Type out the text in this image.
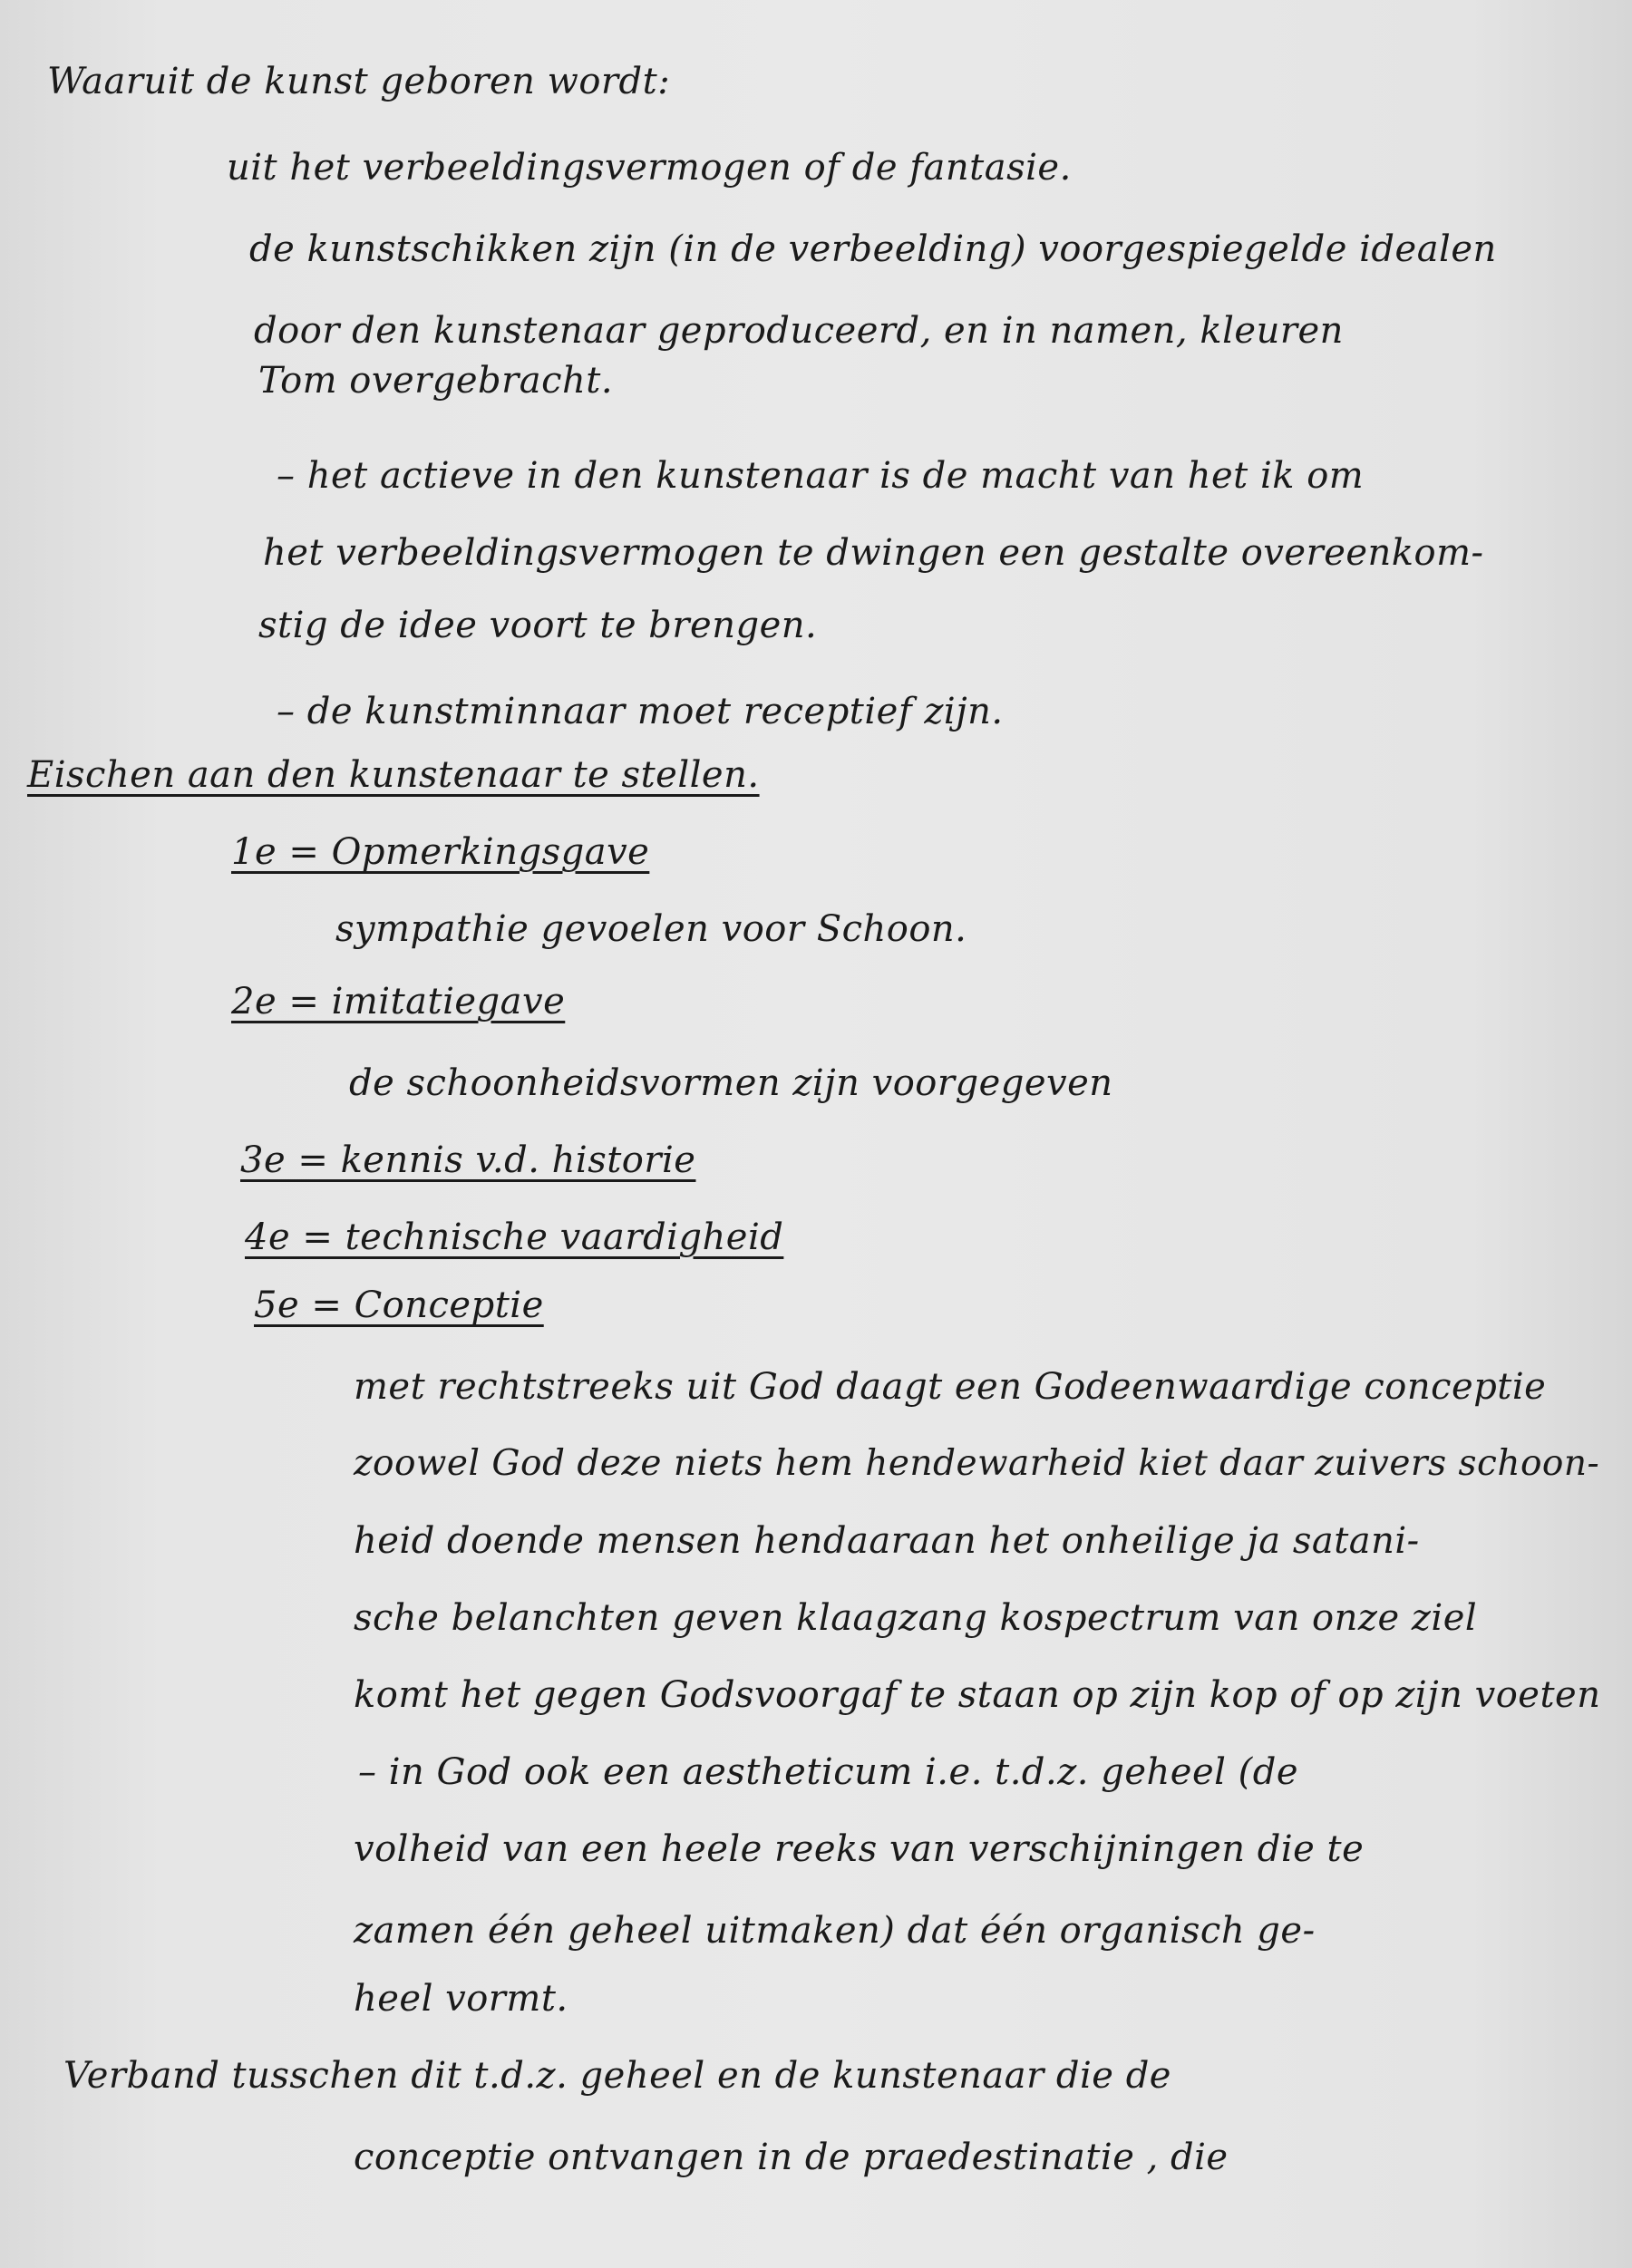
Waaruit de kunst geboren wordt:
uit het verbeeldingsvermogen of de fantasie.
de kunstschikken zijn (in de verbeelding) voorgespiegelde idealen
door den kunstenaar geproduceerd, en in namen, kleuren
Tom overgebracht.
– het actieve in den kunstenaar is de macht van het ik om
het verbeeldingsvermogen te dwingen een gestalte overeenkom-
stig de idee voort te brengen.
– de kunstminnaar moet receptief zijn.
Eischen aan den kunstenaar te stellen.
1e = Opmerkingsgave
sympathie gevoelen voor Schoon.
2e = imitatiegave
de schoonheidsvormen zijn voorgegeven
3e = kennis v.d. historie
4e = technische vaardigheid
5e = Conceptie
met rechtstreeks uit God daagt een Godeenwaardige conceptie
zoowel God deze niets hem hendewarheid kiet daar zuivers schoon-
heid doende mensen hendaaraan het onheilige ja satani-
sche belanchten geven klaagzang kospectrum van onze ziel
komt het gegen Godsvoorgaf te staan op zijn kop of op zijn voeten
– in God ook een aestheticum i.e. t.d.z. geheel (de
volheid van een heele reeks van verschijningen die te
zamen één geheel uitmaken) dat één organisch ge-
heel vormt.
Verband tusschen dit t.d.z. geheel en de kunstenaar die de
conceptie ontvangen in de praedestinatie , die
